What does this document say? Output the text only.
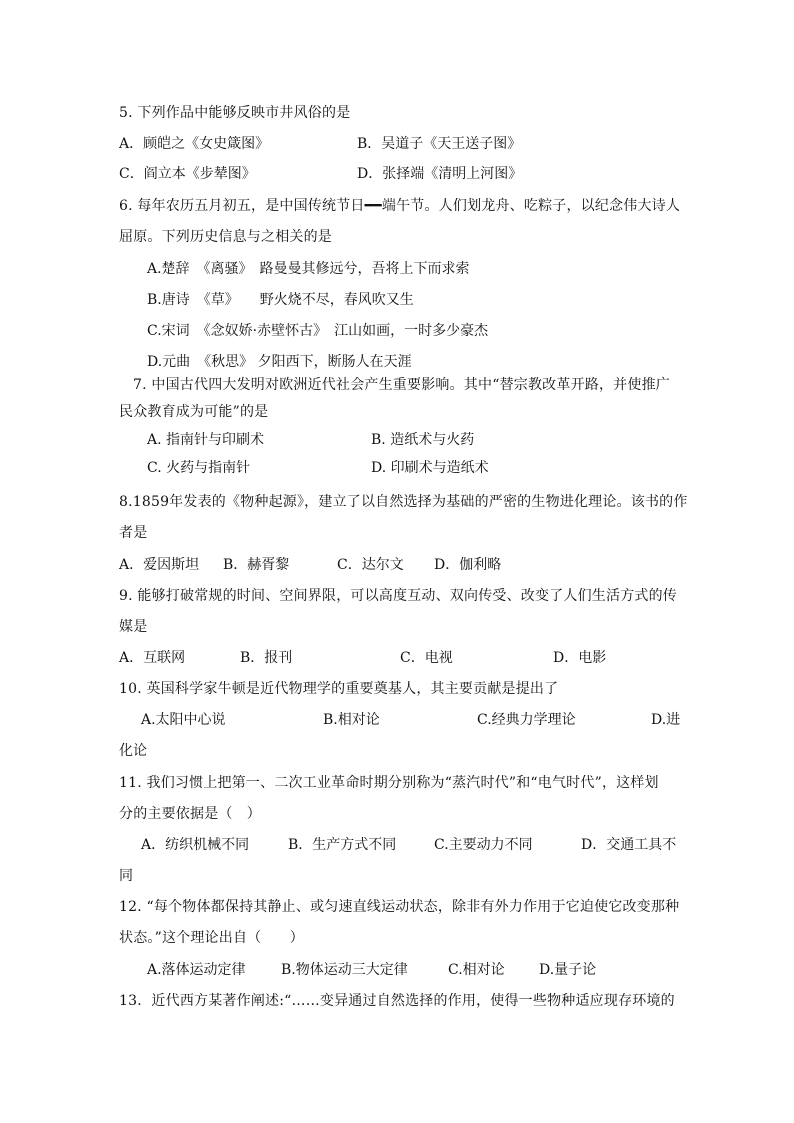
5. 下列作品中能够反映市井风俗的是
A．顾皑之《女史箴图》	B．吴道子《天王送子图》
C．阎立本《步辇图》	D．张择端《清明上河图》
6. 每年农历五月初五，是中国传统节日━━端午节。人们划龙舟、吃粽子，以纪念伟大诗人
屈原。下列历史信息与之相关的是
A.楚辞　《离骚》　路曼曼其修远兮，吾将上下而求索
B.唐诗　《草》　　野火烧不尽，春风吹又生
C.宋词　《念奴娇·赤壁怀古》　江山如画，一时多少豪杰
D.元曲　《秋思》 夕阳西下，断肠人在天涯
7. 中国古代四大发明对欧洲近代社会产生重要影响。其中“替宗教改革开路，并使推广
民众教育成为可能”的是
A. 指南针与印刷术	B. 造纸术与火药
C. 火药与指南针	D. 印刷术与造纸术
8.1859年发表的《物种起源》，建立了以自然选择为基础的严密的生物进化理论。该书的作
者是
A．爱因斯坦 B．赫胥黎	C．达尔文 D．伽利略
9. 能够打破常规的时间、空间界限，可以高度互动、双向传受、改变了人们生活方式的传
媒是
A．互联网	B．报刊	C．电视	D．电影
10. 英国科学家牛顿是近代物理学的重要奠基人，其主要贡献是提出了
A.太阳中心说	B.相对论	C.经典力学理论	D.进
化论
11. 我们习惯上把第一、二次工业革命时期分别称为“蒸汽时代”和“电气时代”，这样划
分的主要依据是（　）
A．纺织机械不同	B．生产方式不同	C.主要动力不同	D．交通工具不
同
12. “每个物体都保持其静止、或匀速直线运动状态，除非有外力作用于它迫使它改变那种
状态。”这个理论出自（　　）
A.落体运动定律	B.物体运动三大定律	C.相对论 D.量子论
13．近代西方某著作阐述:“……变异通过自然选择的作用，使得一些物种适应现存环境的
